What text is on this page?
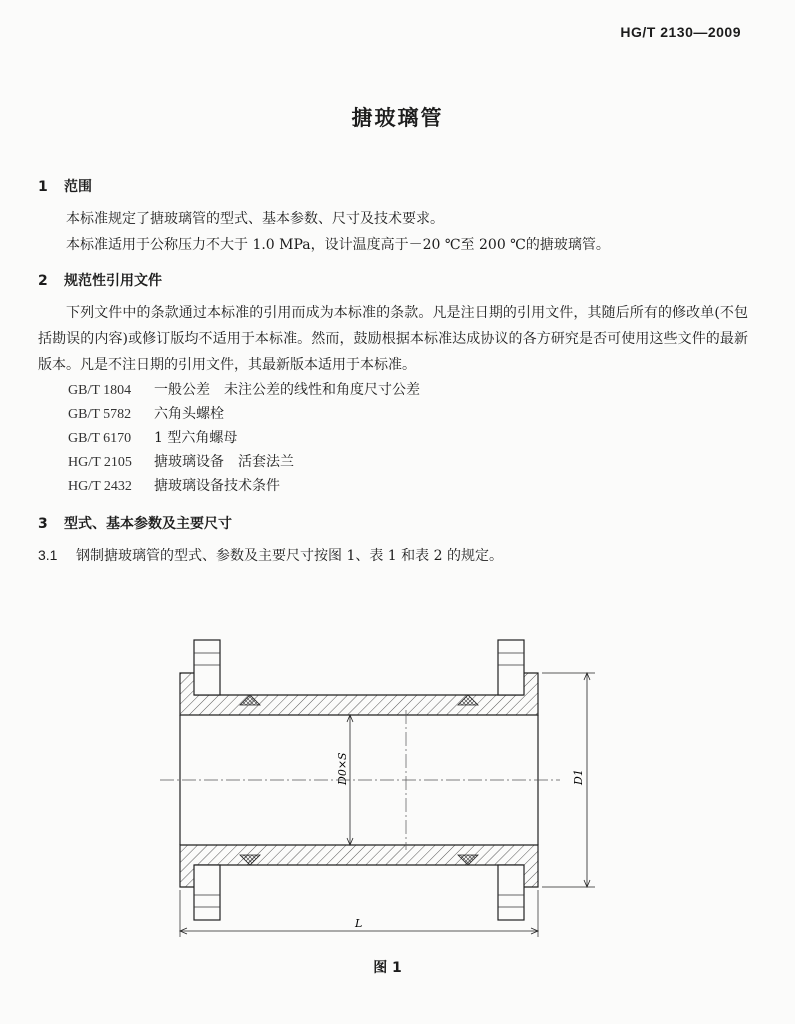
HG/T 2130—2009
搪玻璃管
1 范围
本标准规定了搪玻璃管的型式、基本参数、尺寸及技术要求。
本标准适用于公称压力不大于 1.0 MPa，设计温度高于－20 ℃至 200 ℃的搪玻璃管。
2 规范性引用文件
下列文件中的条款通过本标准的引用而成为本标准的条款。凡是注日期的引用文件，其随后所有的修改单(不包括勘误的内容)或修订版均不适用于本标准。然而，鼓励根据本标准达成协议的各方研究是否可使用这些文件的最新版本。凡是不注日期的引用文件，其最新版本适用于本标准。
GB/T 1804 一般公差　未注公差的线性和角度尺寸公差
GB/T 5782 六角头螺栓
GB/T 6170 1 型六角螺母
HG/T 2105 搪玻璃设备　活套法兰
HG/T 2432 搪玻璃设备技术条件
3 型式、基本参数及主要尺寸
3.1 钢制搪玻璃管的型式、参数及主要尺寸按图 1、表 1 和表 2 的规定。
D0×S	D1
L
图 1
